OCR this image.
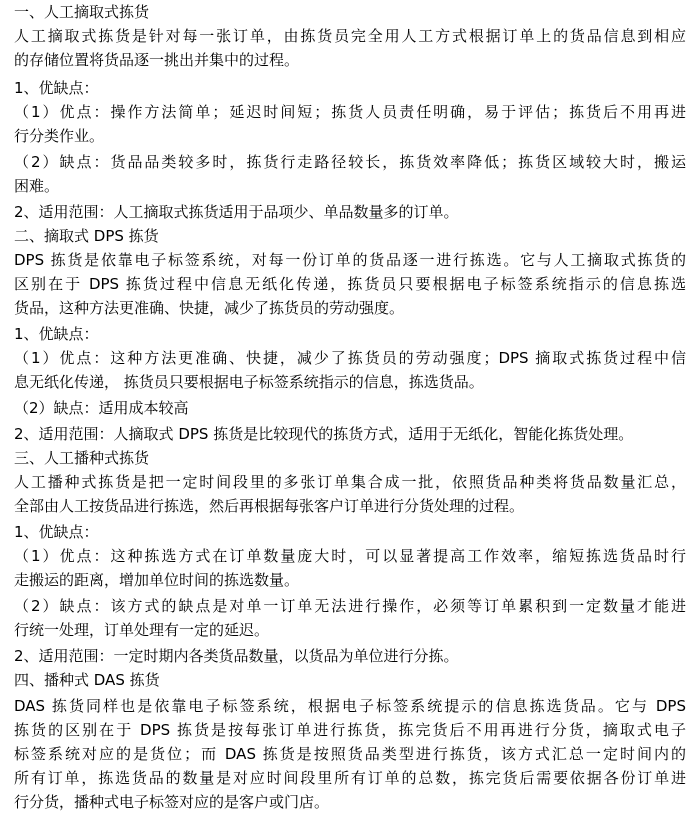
一、人工摘取式拣货
人工摘取式拣货是针对每一张订单，由拣货员完全用人工方式根据订单上的货品信息到相应
的存储位置将货品逐一挑出并集中的过程。
1、优缺点：
（1）优点：操作方法简单；延迟时间短；拣货人员责任明确，易于评估；拣货后不用再进
行分类作业。
（2）缺点：货品品类较多时，拣货行走路径较长，拣货效率降低；拣货区域较大时，搬运
困难。
2、适用范围：人工摘取式拣货适用于品项少、单品数量多的订单。
二、摘取式 DPS 拣货
DPS 拣货是依靠电子标签系统，对每一份订单的货品逐一进行拣选。它与人工摘取式拣货的
区别在于 DPS 拣货过程中信息无纸化传递，拣货员只要根据电子标签系统指示的信息拣选
货品，这种方法更准确、快捷，减少了拣货员的劳动强度。
1、优缺点：
（1）优点：这种方法更准确、快捷，减少了拣货员的劳动强度；DPS 摘取式拣货过程中信
息无纸化传递， 拣货员只要根据电子标签系统指示的信息，拣选货品。
（2）缺点：适用成本较高
2、适用范围：人摘取式 DPS 拣货是比较现代的拣货方式，适用于无纸化，智能化拣货处理。
三、人工播种式拣货
人工播种式拣货是把一定时间段里的多张订单集合成一批，依照货品种类将货品数量汇总，
全部由人工按货品进行拣选，然后再根据每张客户订单进行分货处理的过程。
1、优缺点：
（1）优点：这种拣选方式在订单数量庞大时，可以显著提高工作效率，缩短拣选货品时行
走搬运的距离，增加单位时间的拣选数量。
（2）缺点：该方式的缺点是对单一订单无法进行操作，必须等订单累积到一定数量才能进
行统一处理，订单处理有一定的延迟。
2、适用范围：一定时期内各类货品数量，以货品为单位进行分拣。
四、播种式 DAS 拣货
DAS 拣货同样也是依靠电子标签系统，根据电子标签系统提示的信息拣选货品。它与 DPS
拣货的区别在于 DPS 拣货是按每张订单进行拣货，拣完货后不用再进行分货，摘取式电子
标签系统对应的是货位；而 DAS 拣货是按照货品类型进行拣货，该方式汇总一定时间内的
所有订单，拣选货品的数量是对应时间段里所有订单的总数，拣完货后需要依据各份订单进
行分货，播种式电子标签对应的是客户或门店。
